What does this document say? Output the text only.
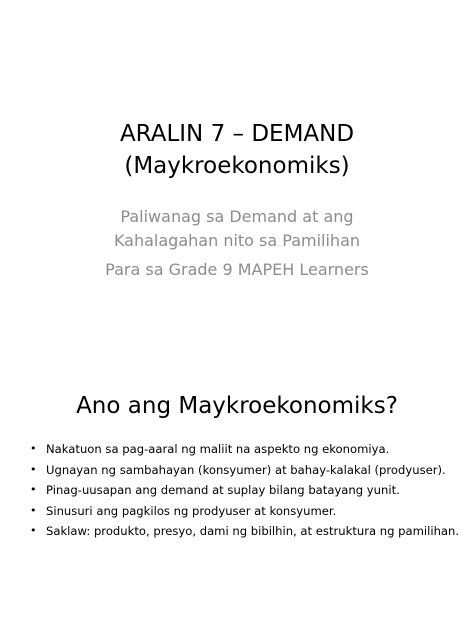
ARALIN 7 – DEMAND
(Maykroekonomiks)
Paliwanag sa Demand at ang
Kahalagahan nito sa Pamilihan
Para sa Grade 9 MAPEH Learners
Ano ang Maykroekonomiks?
• Nakatuon sa pag-aaral ng maliit na aspekto ng ekonomiya.
• Ugnayan ng sambahayan (konsyumer) at bahay-kalakal (prodyuser).
• Pinag-uusapan ang demand at suplay bilang batayang yunit.
• Sinusuri ang pagkilos ng prodyuser at konsyumer.
• Saklaw: produkto, presyo, dami ng bibilhin, at estruktura ng pamilihan.
